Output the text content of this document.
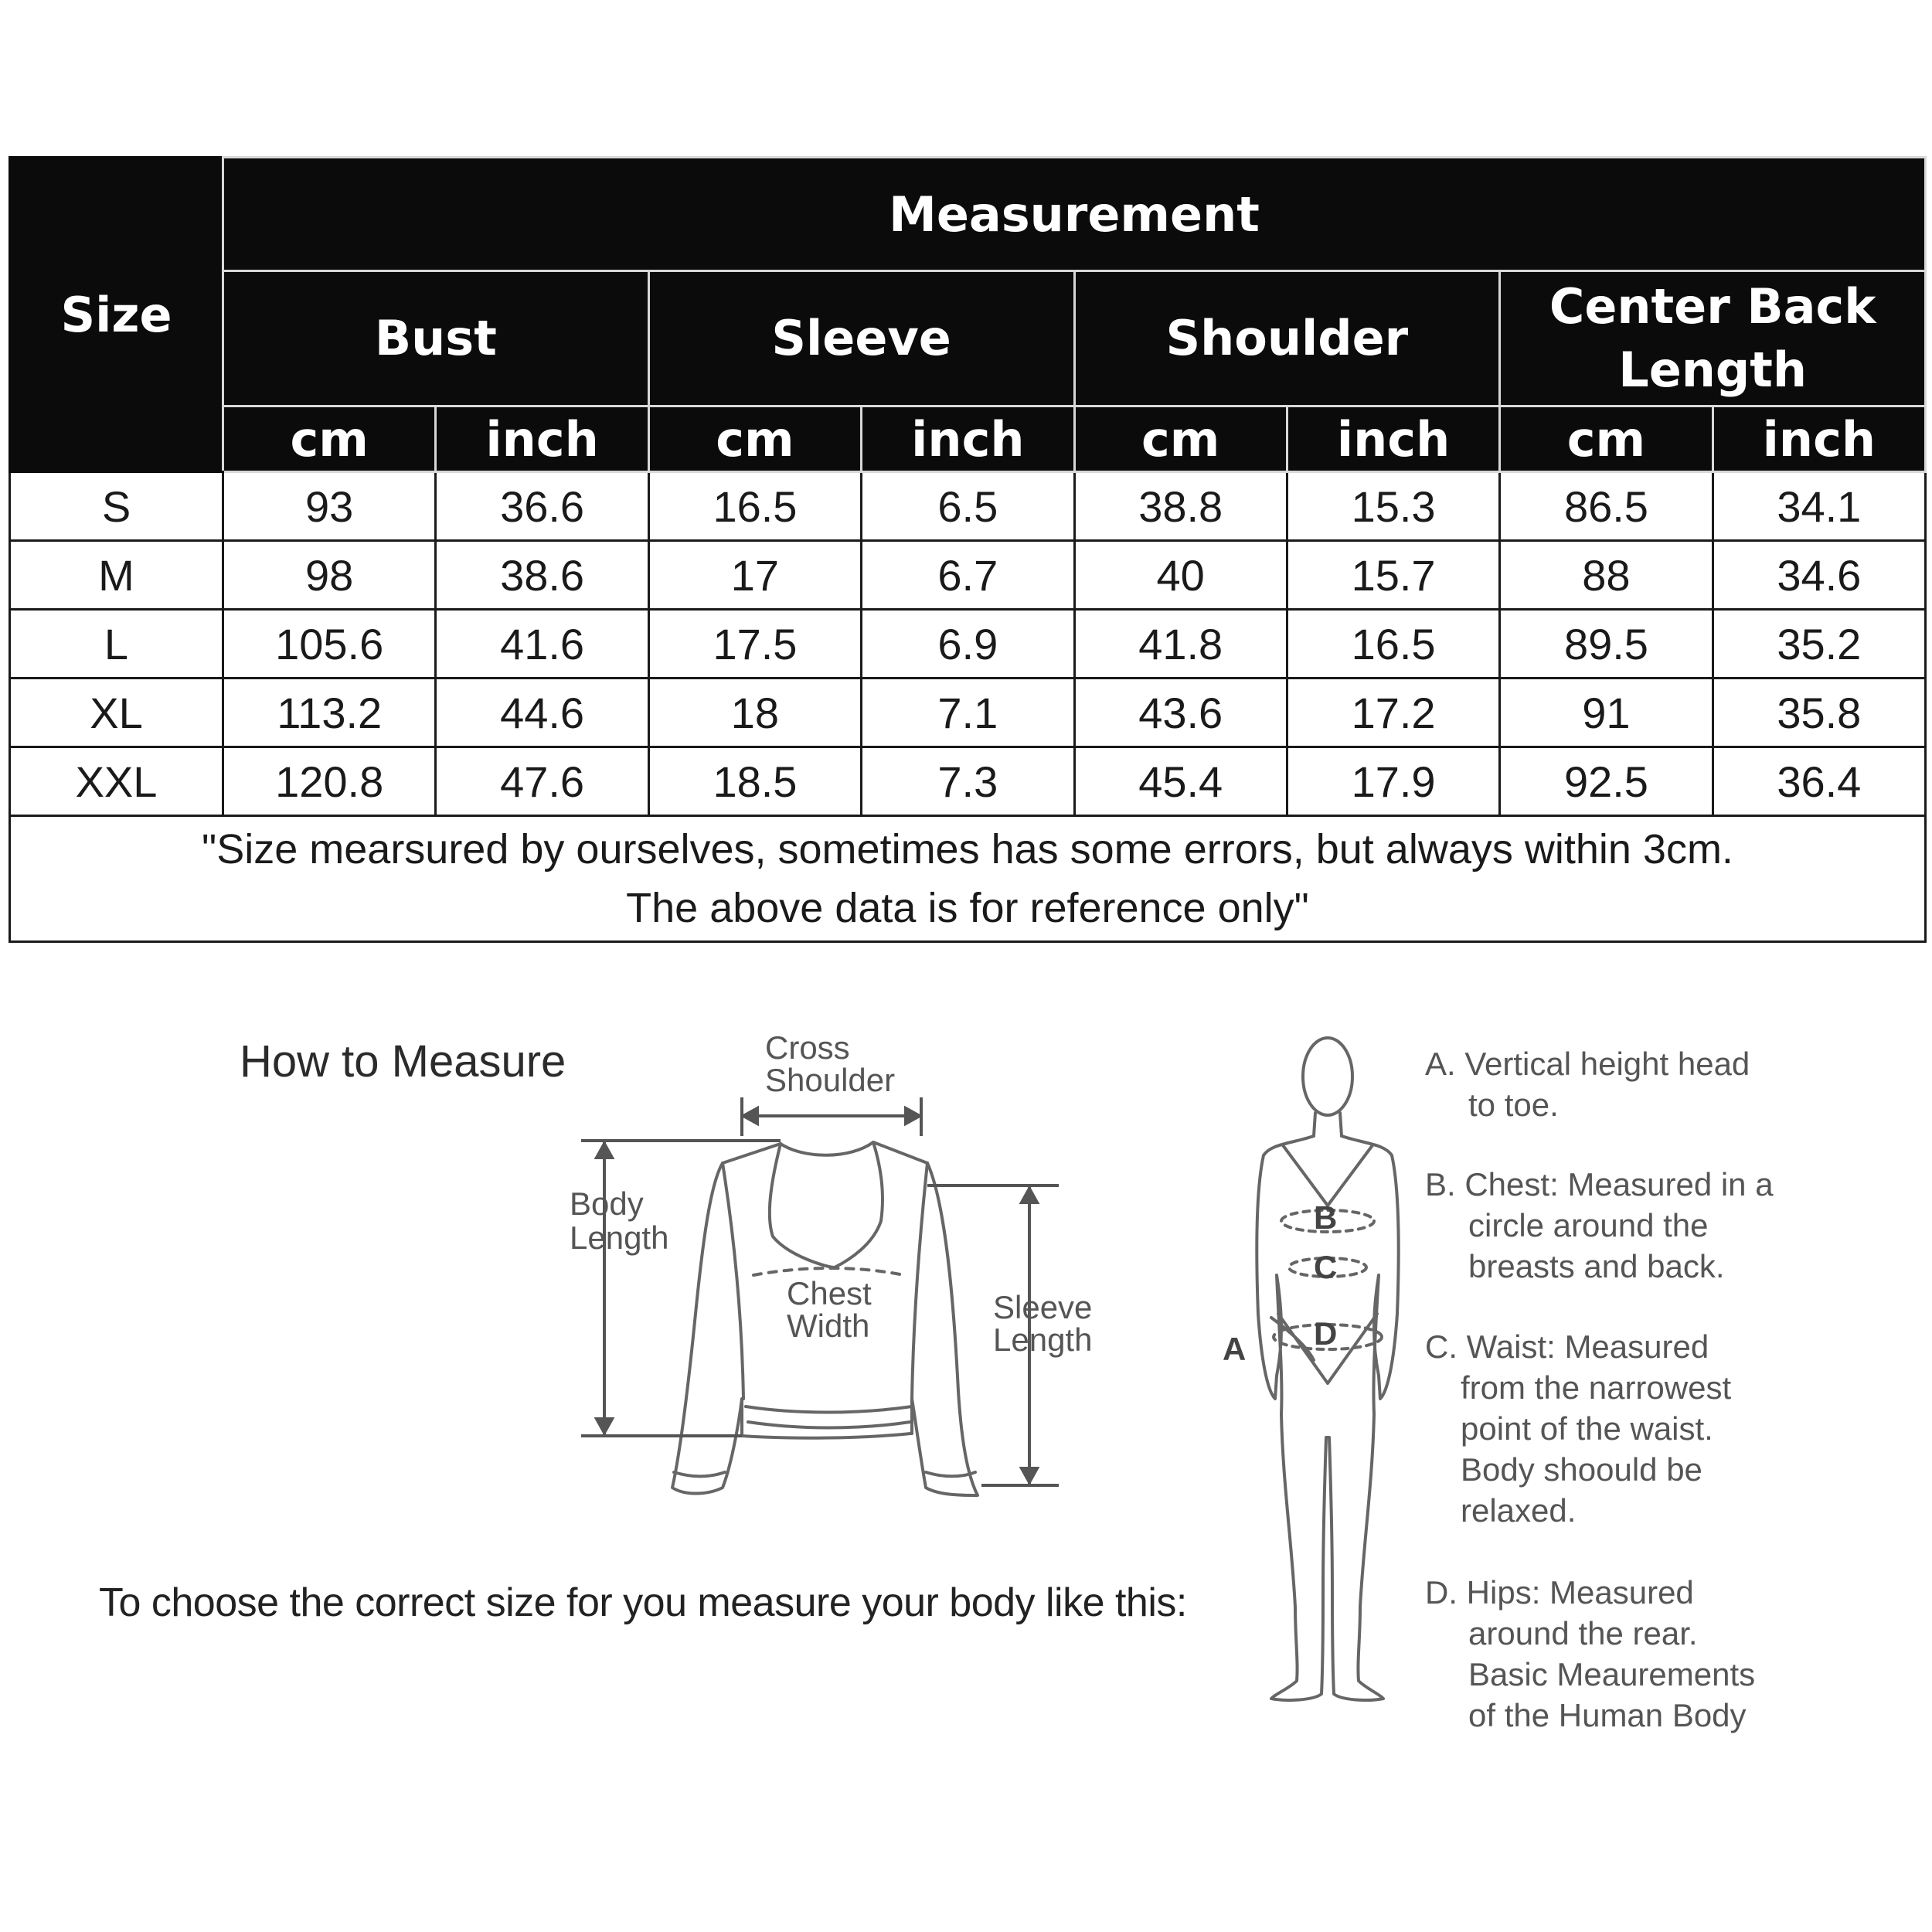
Size	Measurement							
	Bust		Sleeve		Shoulder		Center Back Length	
	cm	inch	cm	inch	cm	inch	cm	inch
S	93	36.6	16.5	6.5	38.8	15.3	86.5	34.1
M	98	38.6	17	6.7	40	15.7	88	34.6
L	105.6	41.6	17.5	6.9	41.8	16.5	89.5	35.2
XL	113.2	44.6	18	7.1	43.6	17.2	91	35.8
XXL	120.8	47.6	18.5	7.3	45.4	17.9	92.5	36.4

"Size mearsured by ourselves, sometimes has some errors, but always within 3cm.
The above data is for reference only"								
How to Measure
To choose the correct size for you measure your body like this:
Cross
Shoulder
Body
Length
Chest
Width
Sleeve
Length
B
C
D
A
A. Vertical height head
to toe.
B. Chest: Measured in a
circle around the
breasts and back.
C. Waist: Measured
from the narrowest
point of the waist.
Body shoould be
relaxed.
D. Hips: Measured
around the rear.
Basic Meaurements
of the Human Body
